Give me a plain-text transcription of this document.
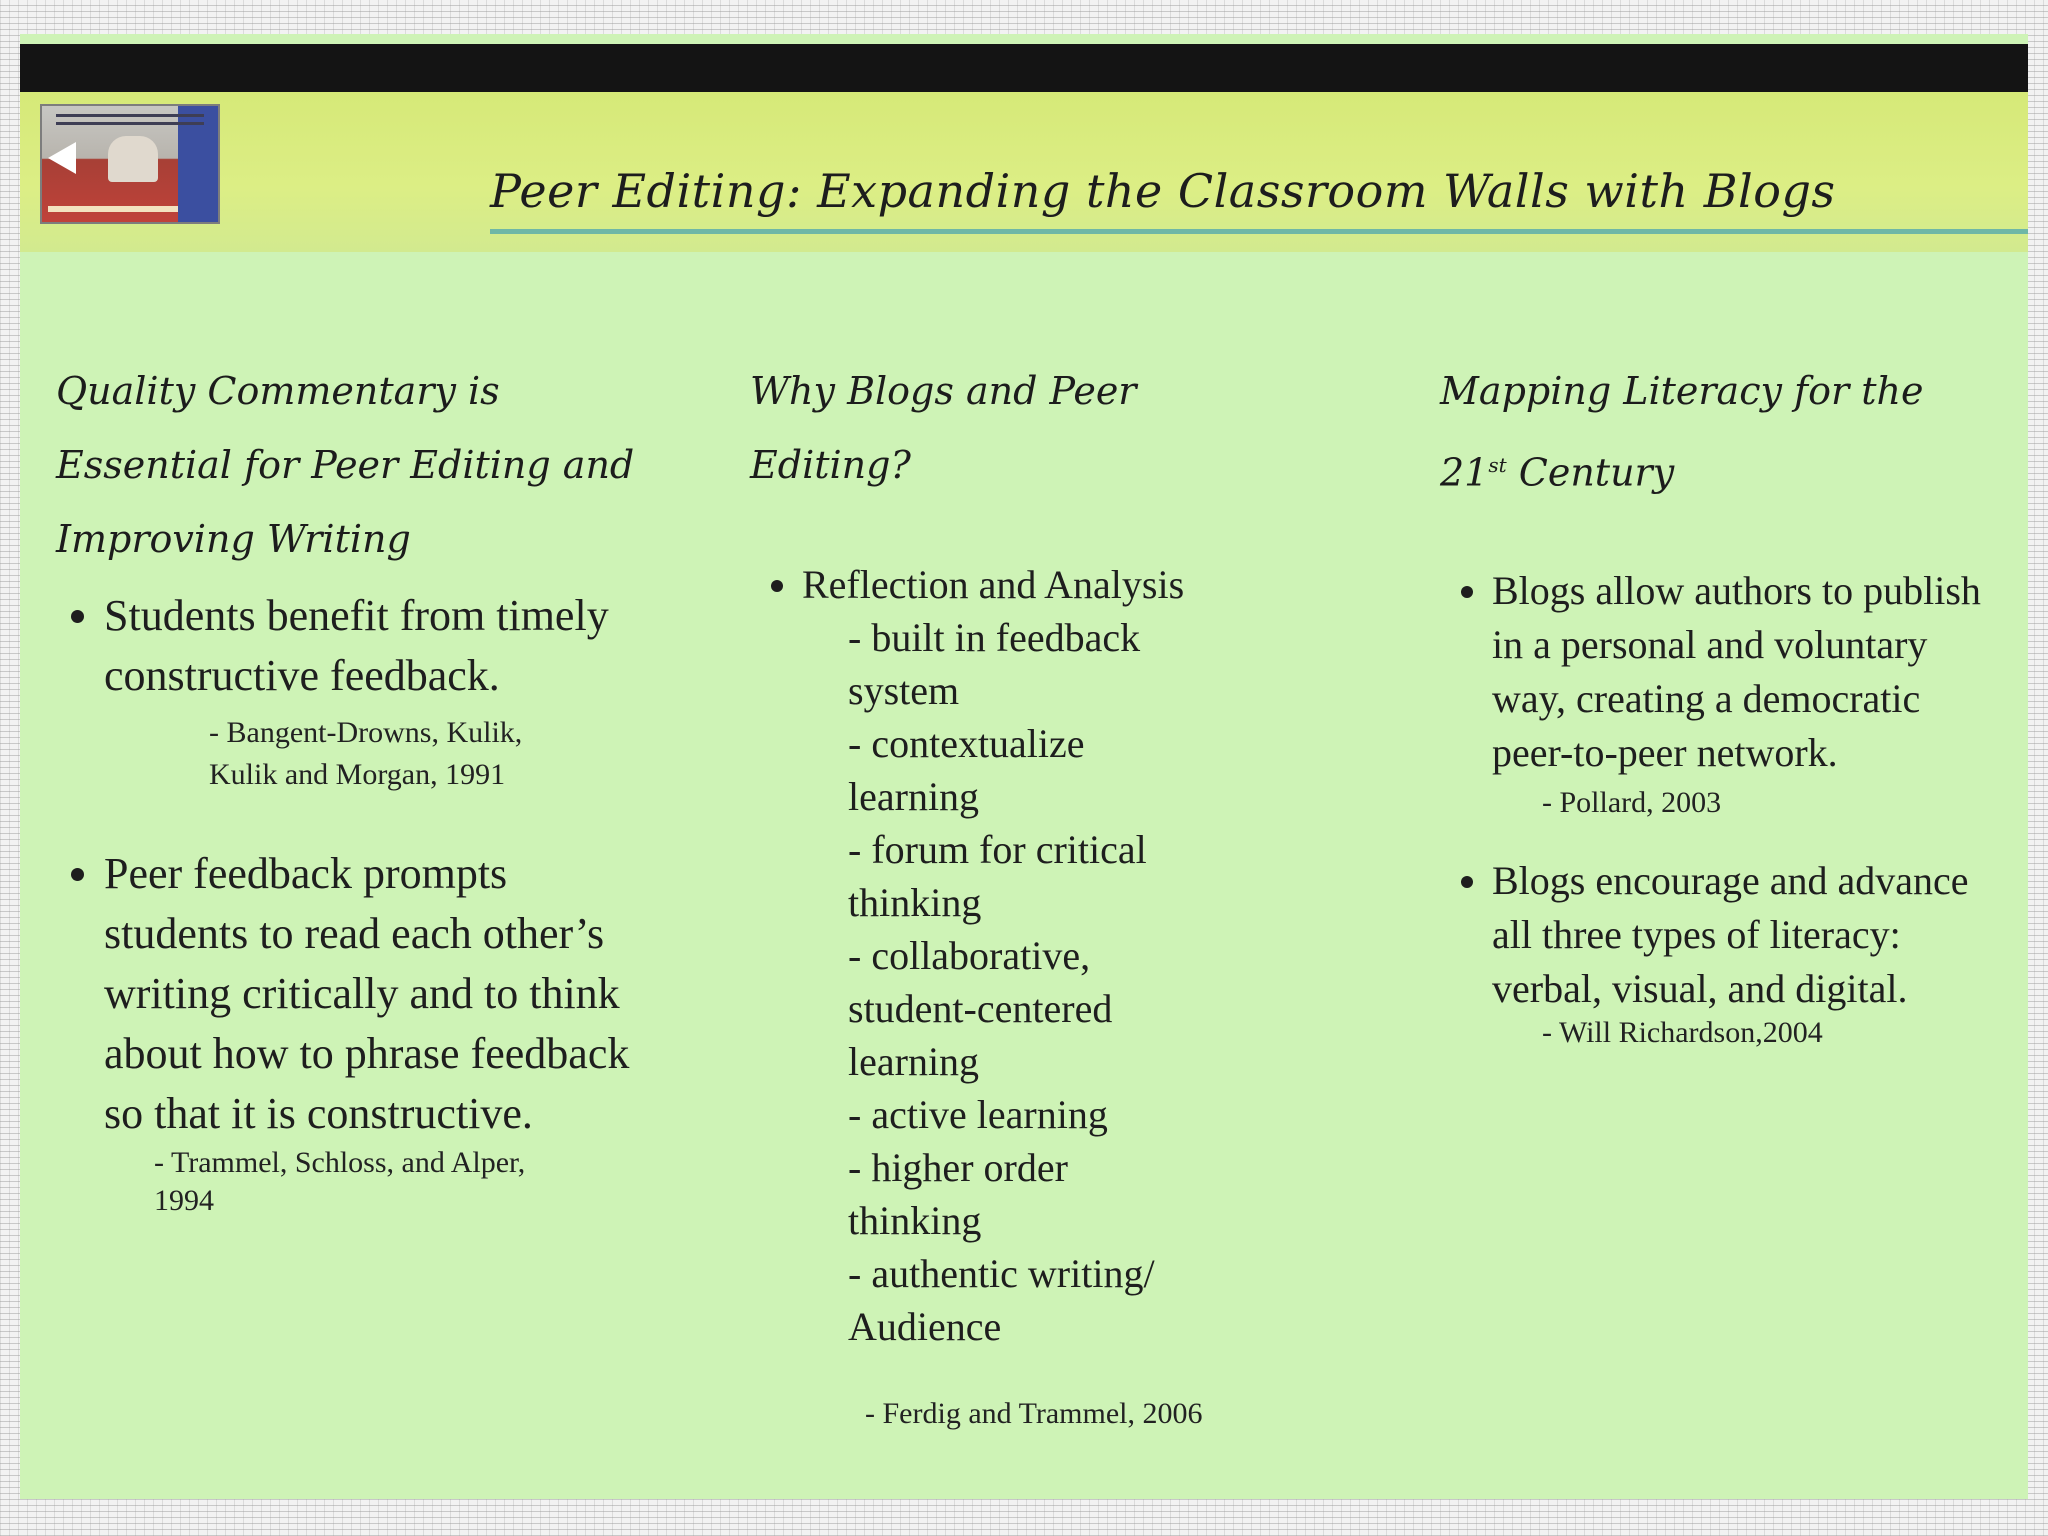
Peer Editing: Expanding the Classroom Walls with Blogs
Quality Commentary is Essential for Peer Editing and Improving Writing
• Students benefit from timely constructive feedback.
- Bangent-Drowns, Kulik, Kulik and Morgan, 1991
• Peer feedback prompts students to read each other’s writing critically and to think about how to phrase feedback so that it is constructive.
- Trammel, Schloss, and Alper, 1994
Why Blogs and Peer Editing?
• Reflection and Analysis
- built in feedback system
- contextualize learning
- forum for critical thinking
- collaborative, student-centered learning
- active learning
- higher order thinking
- authentic writing/ Audience
- Ferdig and Trammel, 2006
Mapping Literacy for the
21st Century
• Blogs allow authors to publish in a personal and voluntary way, creating a democratic peer-to-peer network.
- Pollard, 2003
• Blogs encourage and advance all three types of literacy: verbal, visual, and digital.
- Will Richardson,2004
